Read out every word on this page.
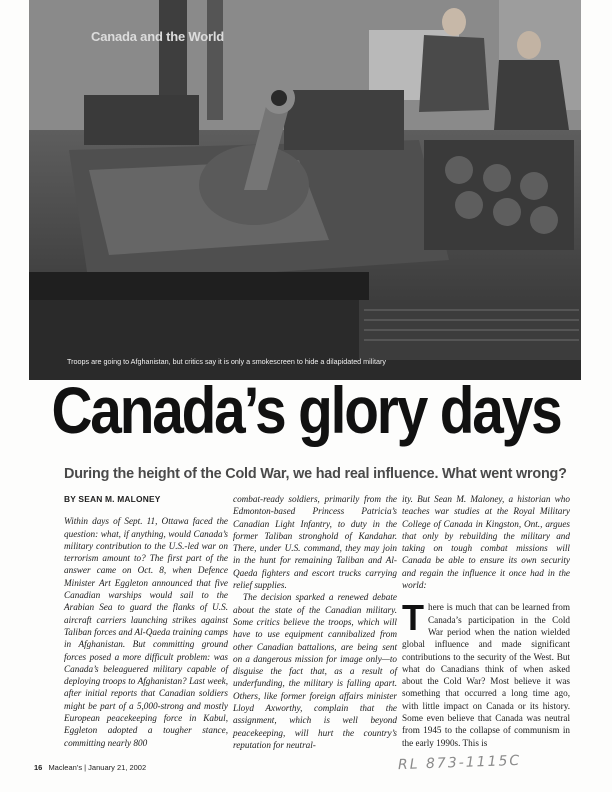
Canada and the World
Troops are going to Afghanistan, but critics say it is only a smokescreen to hide a dilapidated military
Canada’s glory days
During the height of the Cold War, we had real influence. What went wrong?
BY SEAN M. MALONEY

Within days of Sept. 11, Ottawa faced the question: what, if anything, would Canada’s military contribution to the U.S.-led war on terrorism amount to? The first part of the answer came on Oct. 8, when Defence Minister Art Eggleton announced that five Canadian warships would sail to the Arabian Sea to guard the flanks of U.S. aircraft carriers launching strikes against Taliban forces and Al-Qaeda training camps in Afghanistan. But committing ground forces posed a more difficult problem: was Canada’s beleaguered military capable of deploying troops to Afghanistan? Last week, after initial reports that Canadian soldiers might be part of a 5,000-strong and mostly European peacekeeping force in Kabul, Eggleton adopted a tougher stance, committing nearly 800

combat-ready soldiers, primarily from the Edmonton-based Princess Patricia’s Canadian Light Infantry, to duty in the former Taliban stronghold of Kandahar. There, under U.S. command, they may join in the hunt for remaining Taliban and Al-Qaeda fighters and escort trucks carrying relief supplies.

The decision sparked a renewed debate about the state of the Canadian military. Some critics believe the troops, which will have to use equipment cannibalized from other Canadian battalions, are being sent on a dangerous mission for image only—to disguise the fact that, as a result of underfunding, the military is falling apart. Others, like former foreign affairs minister Lloyd Axworthy, complain that the assignment, which is well beyond peacekeeping, will hurt the country’s reputation for neutral-

ity. But Sean M. Maloney, a historian who teaches war studies at the Royal Military College of Canada in Kingston, Ont., argues that only by rebuilding the military and taking on tough combat missions will Canada be able to ensure its own security and regain the influence it once had in the world:

There is much that can be learned from Canada’s participation in the Cold War period when the nation wielded global influence and made significant contributions to the security of the West. But what do Canadians think of when asked about the Cold War? Most believe it was something that occurred a long time ago, with little impact on Canada or its history. Some even believe that Canada was neutral from 1945 to the collapse of communism in the early 1990s. This is

16 Maclean’s | January 21, 2002	RL 873-1115C
